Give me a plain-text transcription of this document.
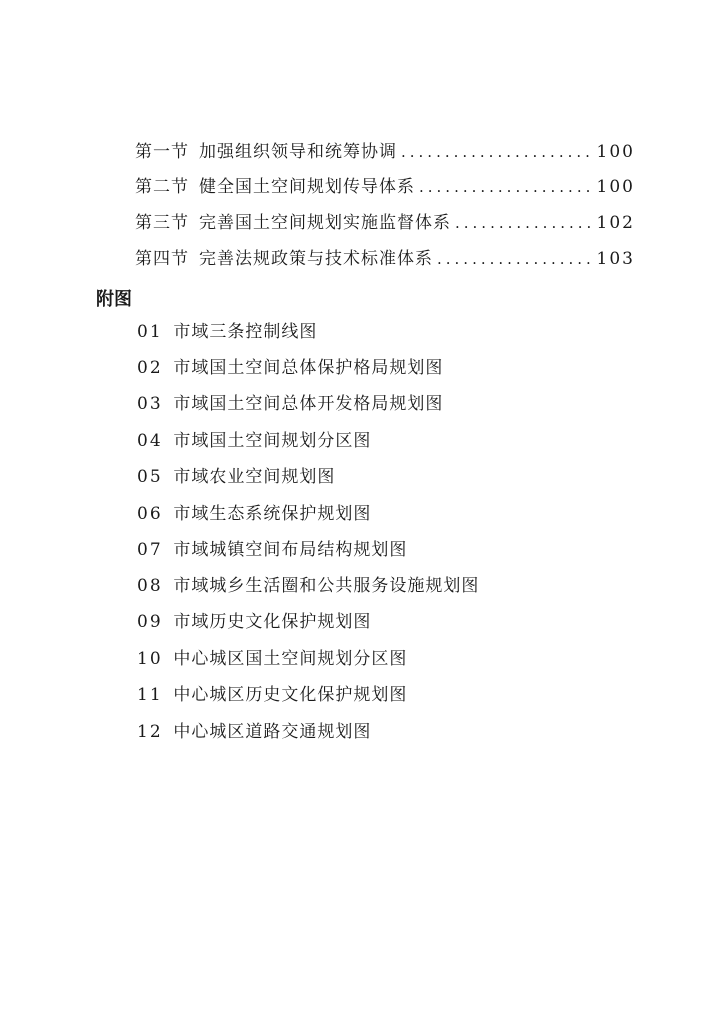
第一节 加强组织领导和统筹协调 .....	100
第二节 健全国土空间规划传导体系 .....	100
第三节 完善国土空间规划实施监督体系 .....	102
第四节 完善法规政策与技术标准体系 .....	103
附图
01 市域三条控制线图
02 市域国土空间总体保护格局规划图
03 市域国土空间总体开发格局规划图
04 市域国土空间规划分区图
05 市域农业空间规划图
06 市域生态系统保护规划图
07 市域城镇空间布局结构规划图
08 市域城乡生活圈和公共服务设施规划图
09 市域历史文化保护规划图
10 中心城区国土空间规划分区图
11 中心城区历史文化保护规划图
12 中心城区道路交通规划图
